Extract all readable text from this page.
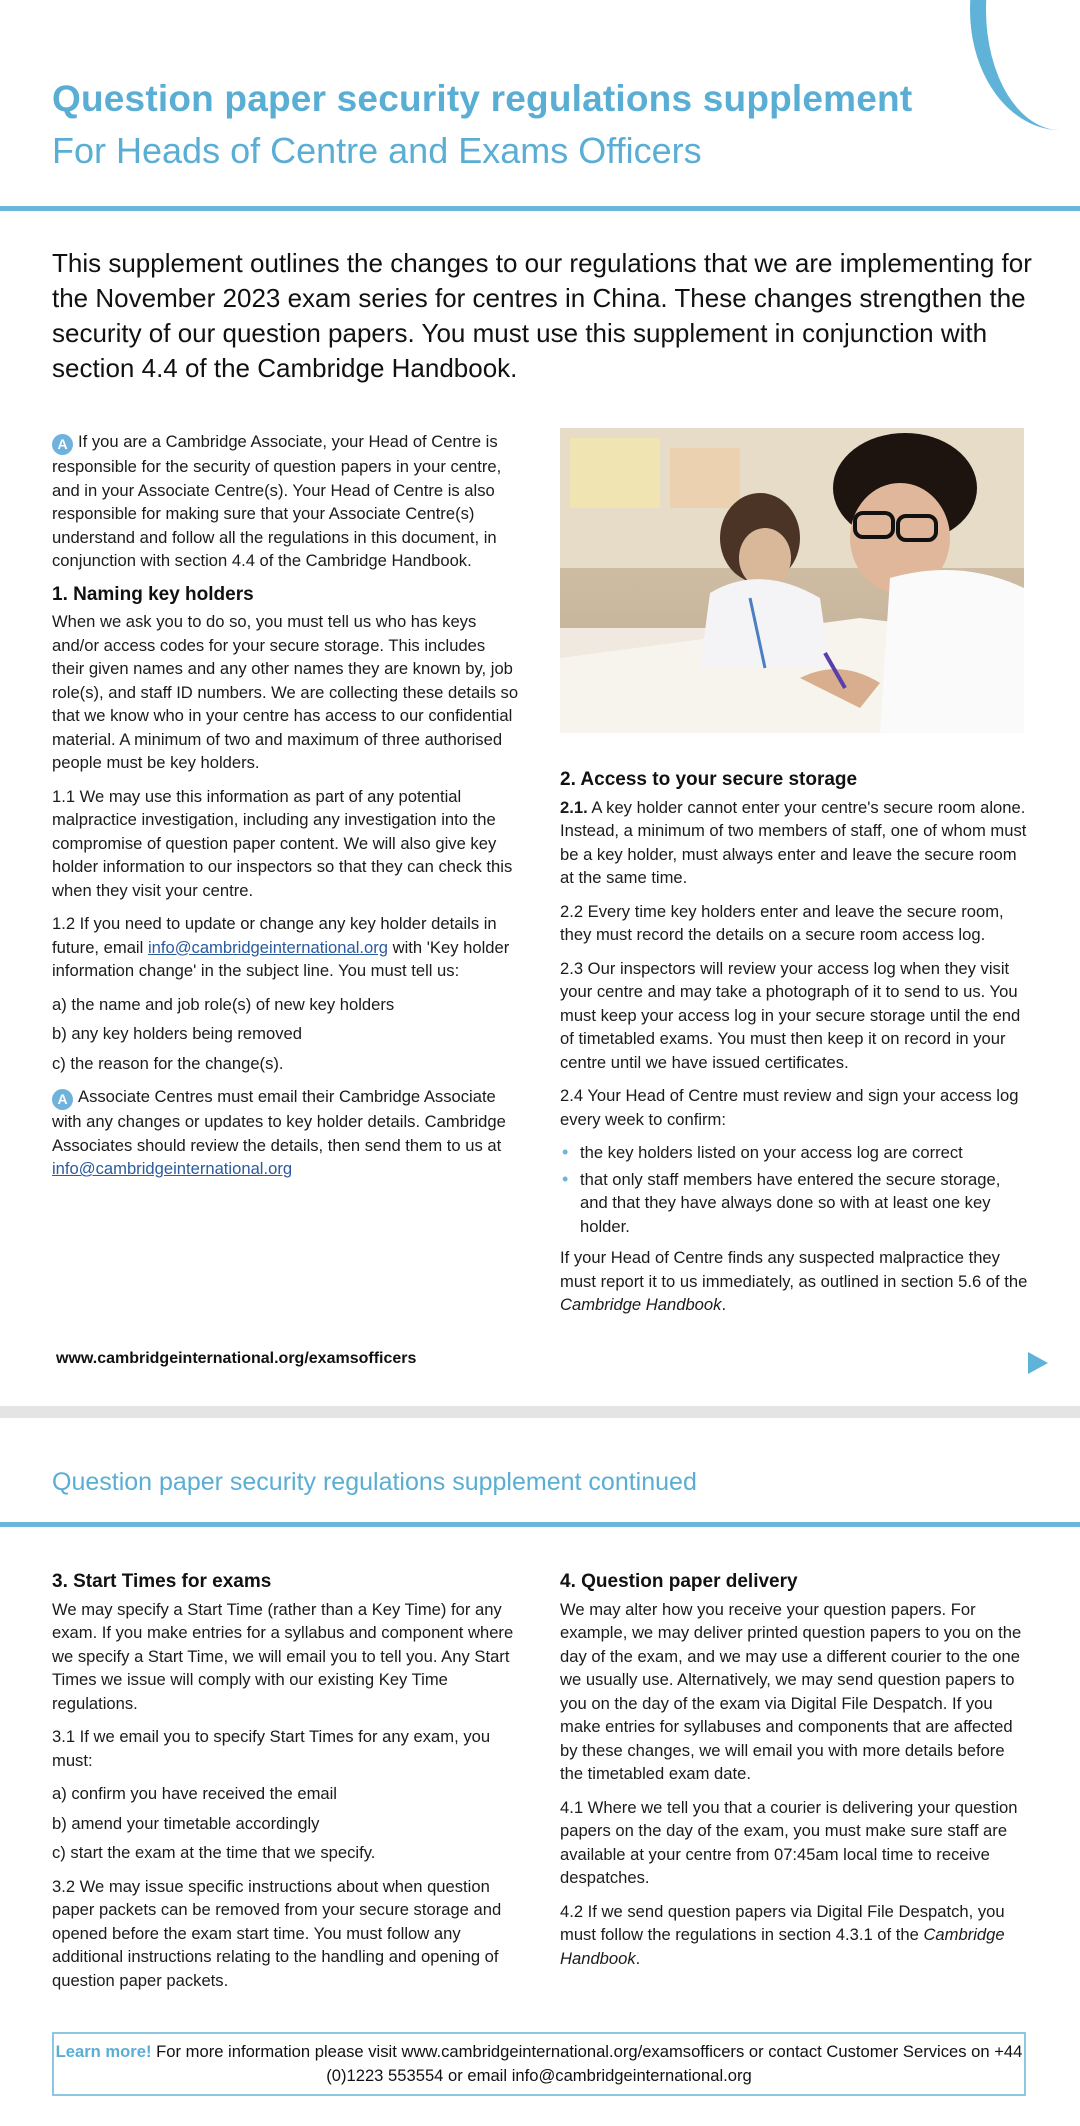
Question paper security regulations supplement
For Heads of Centre and Exams Officers
This supplement outlines the changes to our regulations that we are implementing for the November 2023 exam series for centres in China. These changes strengthen the security of our question papers. You must use this supplement in conjunction with section 4.4 of the Cambridge Handbook.

A If you are a Cambridge Associate, your Head of Centre is responsible for the security of question papers in your centre, and in your Associate Centre(s). Your Head of Centre is also responsible for making sure that your Associate Centre(s) understand and follow all the regulations in this document, in conjunction with section 4.4 of the Cambridge Handbook.

1. Naming key holders

When we ask you to do so, you must tell us who has keys and/or access codes for your secure storage. This includes their given names and any other names they are known by, job role(s), and staff ID numbers. We are collecting these details so that we know who in your centre has access to our confidential material. A minimum of two and maximum of three authorised people must be key holders.

1.1 We may use this information as part of any potential malpractice investigation, including any investigation into the compromise of question paper content. We will also give key holder information to our inspectors so that they can check this when they visit your centre.

1.2 If you need to update or change any key holder details in future, email info@cambridgeinternational.org with 'Key holder information change' in the subject line. You must tell us:

a) the name and job role(s) of new key holders

b) any key holders being removed

c) the reason for the change(s).

A Associate Centres must email their Cambridge Associate with any changes or updates to key holder details. Cambridge Associates should review the details, then send them to us at info@cambridgeinternational.org

2. Access to your secure storage

2.1. A key holder cannot enter your centre's secure room alone. Instead, a minimum of two members of staff, one of whom must be a key holder, must always enter and leave the secure room at the same time.

2.2 Every time key holders enter and leave the secure room, they must record the details on a secure room access log.

2.3 Our inspectors will review your access log when they visit your centre and may take a photograph of it to send to us. You must keep your access log in your secure storage until the end of timetabled exams. You must then keep it on record in your centre until we have issued certificates.

2.4 Your Head of Centre must review and sign your access log every week to confirm:

• the key holders listed on your access log are correct
• that only staff members have entered the secure storage, and that they have always done so with at least one key holder.

If your Head of Centre finds any suspected malpractice they must report it to us immediately, as outlined in section 5.6 of the Cambridge Handbook.

www.cambridgeinternational.org/examsofficers
Question paper security regulations supplement continued
3. Start Times for exams

We may specify a Start Time (rather than a Key Time) for any exam. If you make entries for a syllabus and component where we specify a Start Time, we will email you to tell you. Any Start Times we issue will comply with our existing Key Time regulations.

3.1 If we email you to specify Start Times for any exam, you must:

a) confirm you have received the email

b) amend your timetable accordingly

c) start the exam at the time that we specify.

3.2 We may issue specific instructions about when question paper packets can be removed from your secure storage and opened before the exam start time. You must follow any additional instructions relating to the handling and opening of question paper packets.

4. Question paper delivery

We may alter how you receive your question papers. For example, we may deliver printed question papers to you on the day of the exam, and we may use a different courier to the one we usually use. Alternatively, we may send question papers to you on the day of the exam via Digital File Despatch. If you make entries for syllabuses and components that are affected by these changes, we will email you with more details before the timetabled exam date.

4.1 Where we tell you that a courier is delivering your question papers on the day of the exam, you must make sure staff are available at your centre from 07:45am local time to receive despatches.

4.2 If we send question papers via Digital File Despatch, you must follow the regulations in section 4.3.1 of the Cambridge Handbook.

Learn more! For more information please visit www.cambridgeinternational.org/examsofficers or contact Customer Services on +44 (0)1223 553554 or email info@cambridgeinternational.org
